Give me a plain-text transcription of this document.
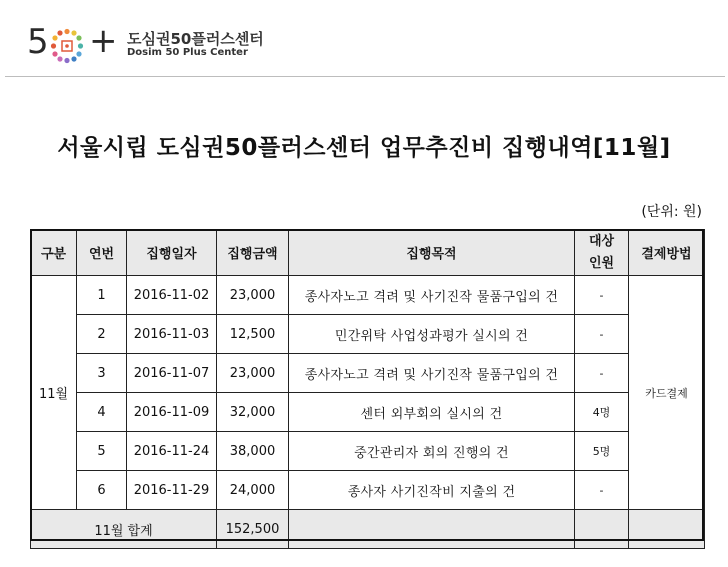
5 + 도심권50플러스센터
Dosim 50 Plus Center
서울시립 도심권50플러스센터 업무추진비 집행내역[11월]
(단위: 원)
구분	연번	집행일자	집행금액	집행목적	대상 인원	결제방법
11월	1	2016-11-02	23,000	종사자노고 격려 및 사기진작 물품구입의 건	-	카드결제
	2	2016-11-03	12,500	민간위탁 사업성과평가 실시의 건	-	
	3	2016-11-07	23,000	종사자노고 격려 및 사기진작 물품구입의 건	-	
	4	2016-11-09	32,000	센터 외부회의 실시의 건	4명	
	5	2016-11-24	38,000	중간관리자 회의 진행의 건	5명	
	6	2016-11-29	24,000	종사자 사기진작비 지출의 건	-	
11월 합계			152,500			
